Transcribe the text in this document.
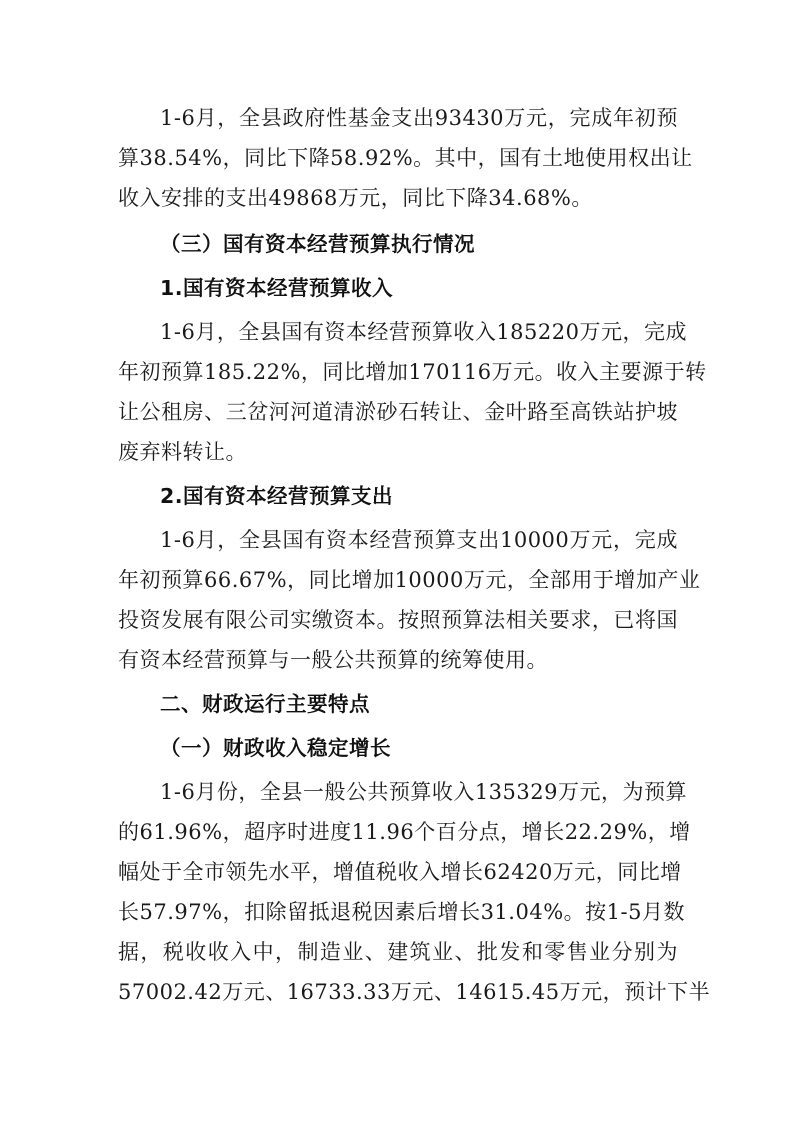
1-6月，全县政府性基金支出93430万元，完成年初预
算38.54%，同比下降58.92%。其中，国有土地使用权出让
收入安排的支出49868万元，同比下降34.68%。
（三）国有资本经营预算执行情况
1.国有资本经营预算收入
1-6月，全县国有资本经营预算收入185220万元，完成
年初预算185.22%，同比增加170116万元。收入主要源于转
让公租房、三岔河河道清淤砂石转让、金叶路至高铁站护坡
废弃料转让。
2.国有资本经营预算支出
1-6月，全县国有资本经营预算支出10000万元，完成
年初预算66.67%，同比增加10000万元，全部用于增加产业
投资发展有限公司实缴资本。按照预算法相关要求，已将国
有资本经营预算与一般公共预算的统筹使用。
二、财政运行主要特点
（一）财政收入稳定增长
1-6月份，全县一般公共预算收入135329万元，为预算
的61.96%，超序时进度11.96个百分点，增长22.29%，增
幅处于全市领先水平，增值税收入增长62420万元，同比增
长57.97%，扣除留抵退税因素后增长31.04%。按1-5月数
据，税收收入中，制造业、建筑业、批发和零售业分别为
57002.42万元、16733.33万元、14615.45万元，预计下半
